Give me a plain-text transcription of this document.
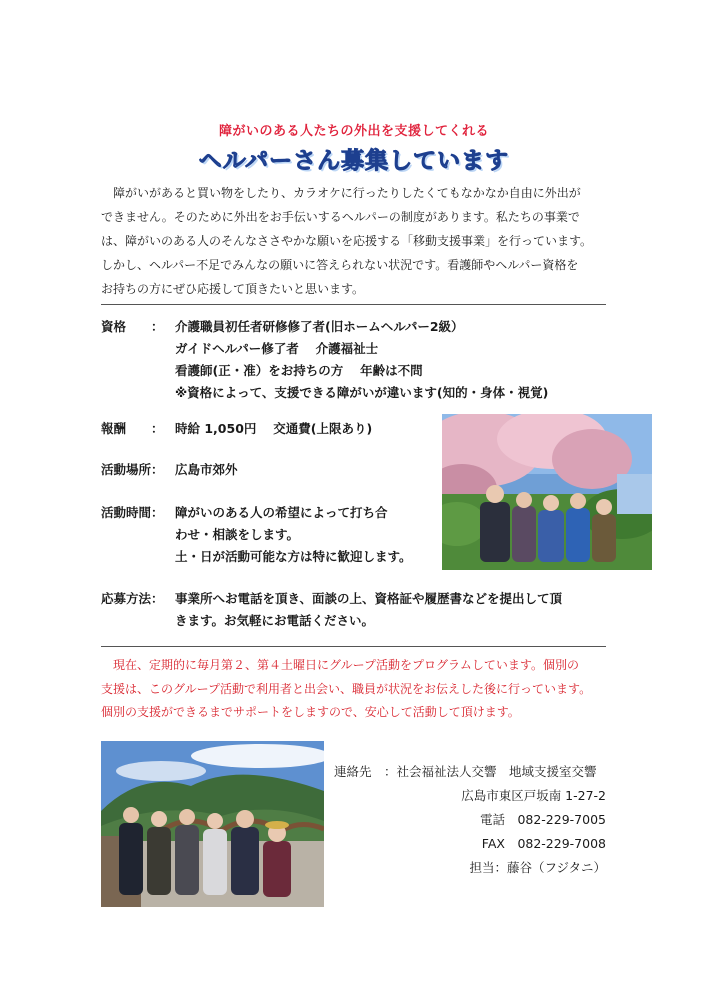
障がいのある人たちの外出を支援してくれる
ヘルパーさん募集しています
　障がいがあると買い物をしたり、カラオケに行ったりしたくてもなかなか自由に外出が
できません。そのために外出をお手伝いするヘルパーの制度があります。私たちの事業で
は、障がいのある人のそんなささやかな願いを応援する「移動支援事業」を行っています。
しかし、ヘルパー不足でみんなの願いに答えられない状況です。看護師やヘルパー資格を
お持ちの方にぜひ応援して頂きたいと思います。
資格　　： 介護職員初任者研修修了者(旧ホームヘルパー2級）
ガイドヘルパー修了者　 介護福祉士
看護師(正・准）をお持ちの方　 年齢は不問
※資格によって、支援できる障がいが違います(知的・身体・視覚)
報酬　　： 時給 1,050円　 交通費(上限あり)
活動場所： 広島市郊外
活動時間： 障がいのある人の希望によって打ち合
わせ・相談をします。
土・日が活動可能な方は特に歓迎します。
応募方法： 事業所へお電話を頂き、面談の上、資格証や履歴書などを提出して頂
きます。お気軽にお電話ください。
　現在、定期的に毎月第２、第４土曜日にグループ活動をプログラムしています。個別の
支援は、このグループ活動で利用者と出会い、職員が状況をお伝えした後に行っています。
個別の支援ができるまでサポートをしますので、安心して活動して頂けます。
連絡先　：社会福祉法人交響　地域支援室交響
広島市東区戸坂南 1-27-2
電話　082-229-7005
FAX　082-229-7008
担当：藤谷（フジタニ）
